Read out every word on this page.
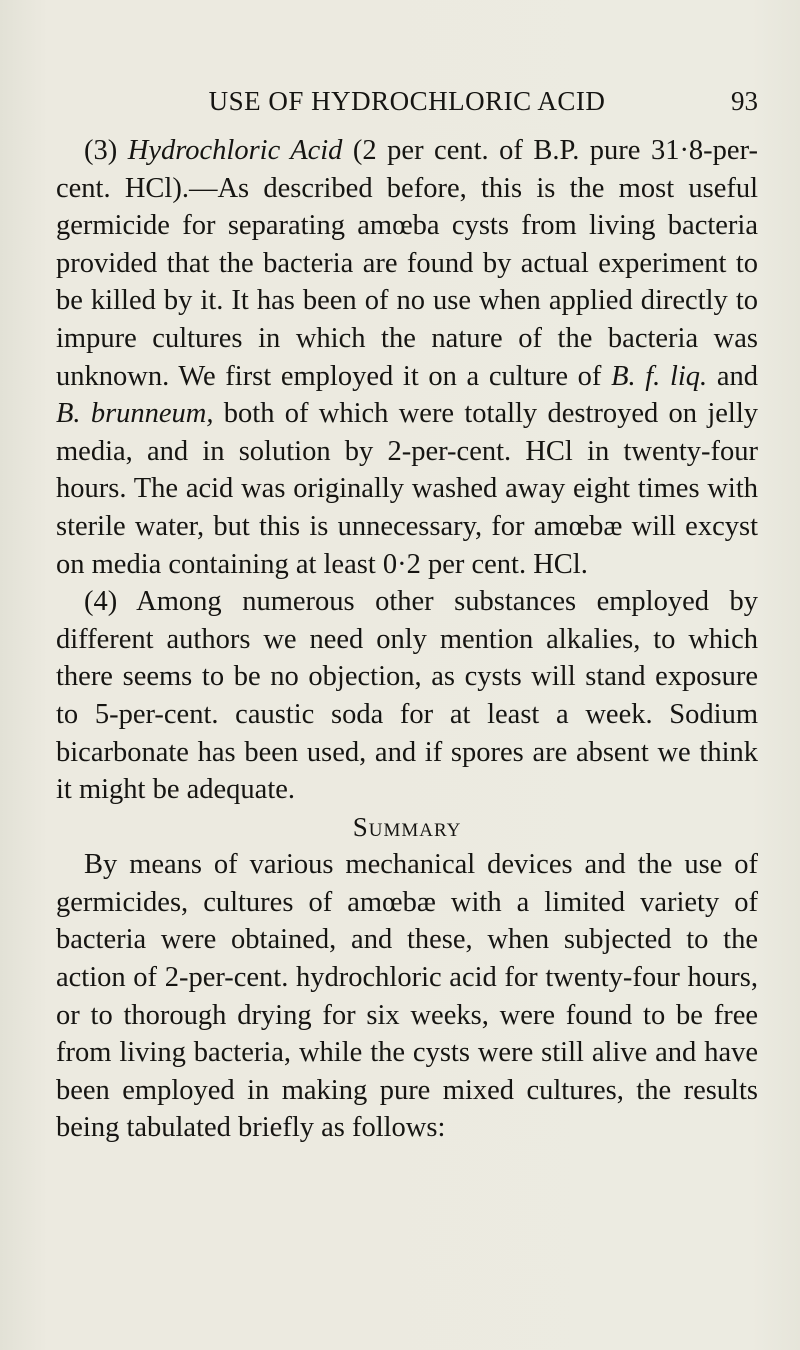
USE OF HYDROCHLORIC ACID	93

(3) Hydrochloric Acid (2 per cent. of B.P. pure 31·8-per-cent. HCl).—As described before, this is the most useful germicide for separating amœba cysts from living bacteria provided that the bacteria are found by actual experiment to be killed by it. It has been of no use when applied directly to impure cultures in which the nature of the bacteria was unknown. We first employed it on a culture of B. f. liq. and B. brunneum, both of which were totally destroyed on jelly media, and in solution by 2-per-cent. HCl in twenty-four hours. The acid was originally washed away eight times with sterile water, but this is unnecessary, for amœbæ will excyst on media containing at least 0·2 per cent. HCl.

(4) Among numerous other substances employed by different authors we need only mention alkalies, to which there seems to be no objection, as cysts will stand exposure to 5-per-cent. caustic soda for at least a week. Sodium bicarbonate has been used, and if spores are absent we think it might be adequate.

Summary

By means of various mechanical devices and the use of germicides, cultures of amœbæ with a limited variety of bacteria were obtained, and these, when subjected to the action of 2-per-cent. hydrochloric acid for twenty-four hours, or to thorough drying for six weeks, were found to be free from living bacteria, while the cysts were still alive and have been employed in making pure mixed cultures, the results being tabulated briefly as follows:
